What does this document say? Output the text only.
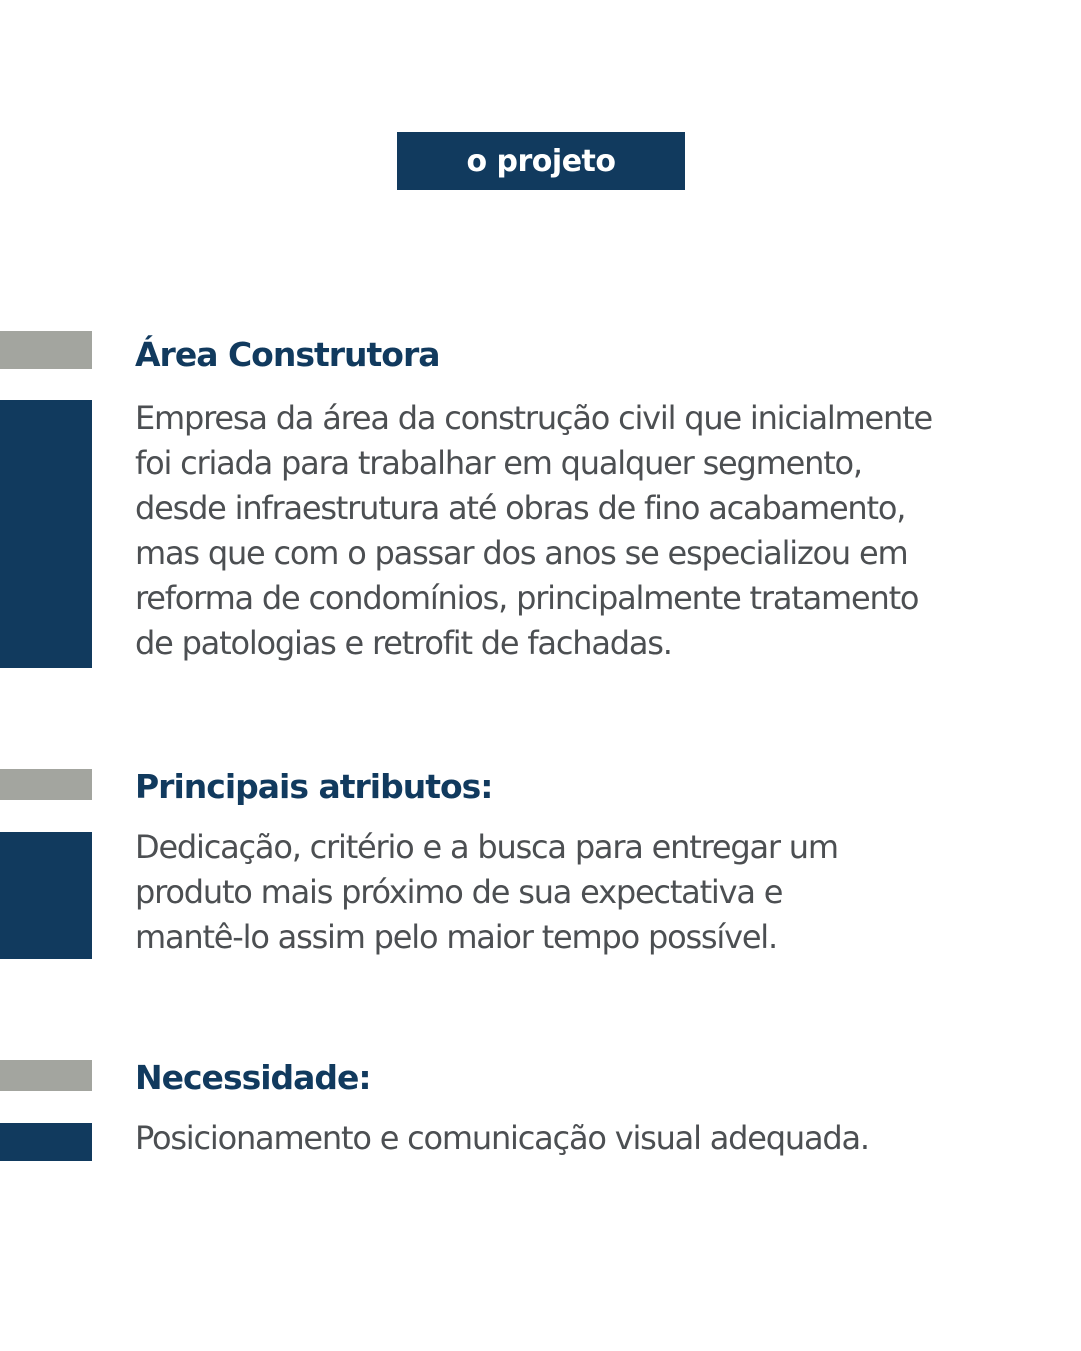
o projeto
Área Construtora

Empresa da área da construção civil que inicialmente
foi criada para trabalhar em qualquer segmento,
desde infraestrutura até obras de fino acabamento,
mas que com o passar dos anos se especializou em
reforma de condomínios, principalmente tratamento
de patologias e retrofit de fachadas.

Principais atributos:

Dedicação, critério e a busca para entregar um
produto mais próximo de sua expectativa e
mantê-lo assim pelo maior tempo possível.

Necessidade:

Posicionamento e comunicação visual adequada.
